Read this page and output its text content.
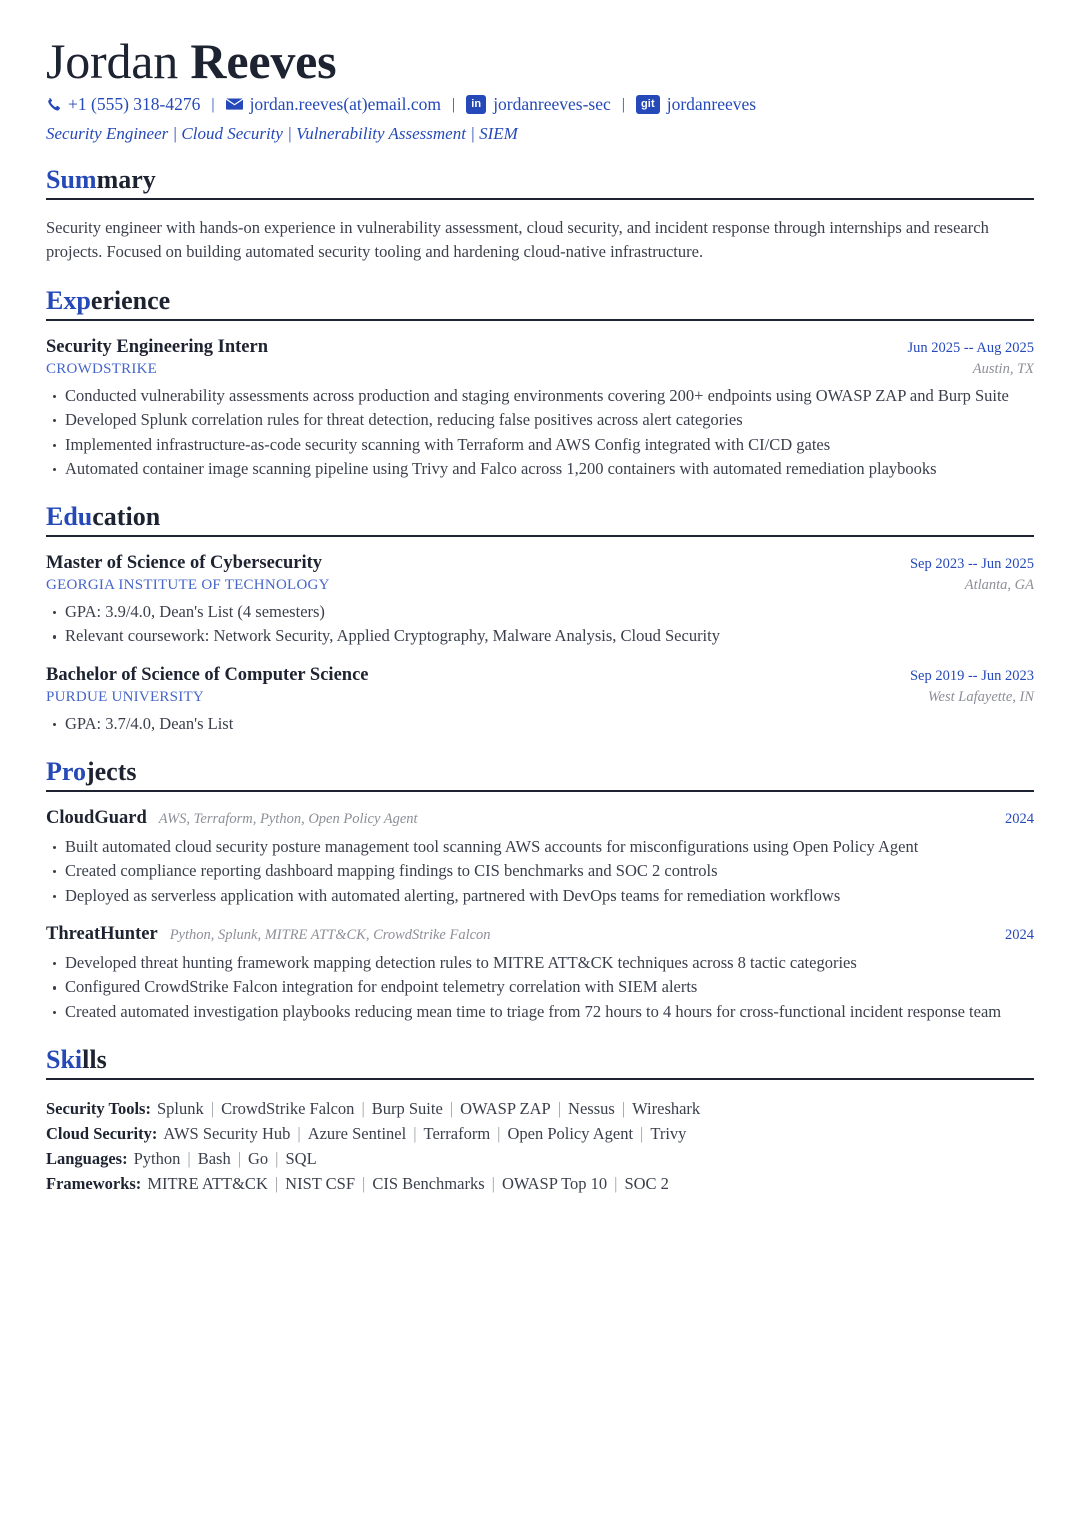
Jordan Reeves
+1 (555) 318-4276 |	jordan.reeves(at)email.com |	in jordanreeves-sec |	git jordanreeves
Security Engineer | Cloud Security | Vulnerability Assessment | SIEM
Summary

Security engineer with hands-on experience in vulnerability assessment, cloud security, and incident response through internships and research projects. Focused on building automated security tooling and hardening cloud-native infrastructure.

Experience
Security Engineering Intern	Jun 2025 -- Aug 2025
CROWDSTRIKE	Austin, TX
Conducted vulnerability assessments across production and staging environments covering 200+ endpoints using OWASP ZAP and Burp Suite
Developed Splunk correlation rules for threat detection, reducing false positives across alert categories
Implemented infrastructure-as-code security scanning with Terraform and AWS Config integrated with CI/CD gates
Automated container image scanning pipeline using Trivy and Falco across 1,200 containers with automated remediation playbooks
Education
Master of Science of Cybersecurity	Sep 2023 -- Jun 2025
GEORGIA INSTITUTE OF TECHNOLOGY	Atlanta, GA
GPA: 3.9/4.0, Dean's List (4 semesters)
Relevant coursework: Network Security, Applied Cryptography, Malware Analysis, Cloud Security
Bachelor of Science of Computer Science	Sep 2019 -- Jun 2023
PURDUE UNIVERSITY	West Lafayette, IN
GPA: 3.7/4.0, Dean's List
Projects
CloudGuard AWS, Terraform, Python, Open Policy Agent	2024
Built automated cloud security posture management tool scanning AWS accounts for misconfigurations using Open Policy Agent
Created compliance reporting dashboard mapping findings to CIS benchmarks and SOC 2 controls
Deployed as serverless application with automated alerting, partnered with DevOps teams for remediation workflows
ThreatHunter Python, Splunk, MITRE ATT&CK, CrowdStrike Falcon	2024
Developed threat hunting framework mapping detection rules to MITRE ATT&CK techniques across 8 tactic categories
Configured CrowdStrike Falcon integration for endpoint telemetry correlation with SIEM alerts
Created automated investigation playbooks reducing mean time to triage from 72 hours to 4 hours for cross-functional incident response team
Skills
Security Tools: Splunk | CrowdStrike Falcon | Burp Suite | OWASP ZAP | Nessus | Wireshark
Cloud Security: AWS Security Hub | Azure Sentinel | Terraform | Open Policy Agent | Trivy
Languages: Python | Bash | Go | SQL
Frameworks: MITRE ATT&CK | NIST CSF | CIS Benchmarks | OWASP Top 10 | SOC 2
